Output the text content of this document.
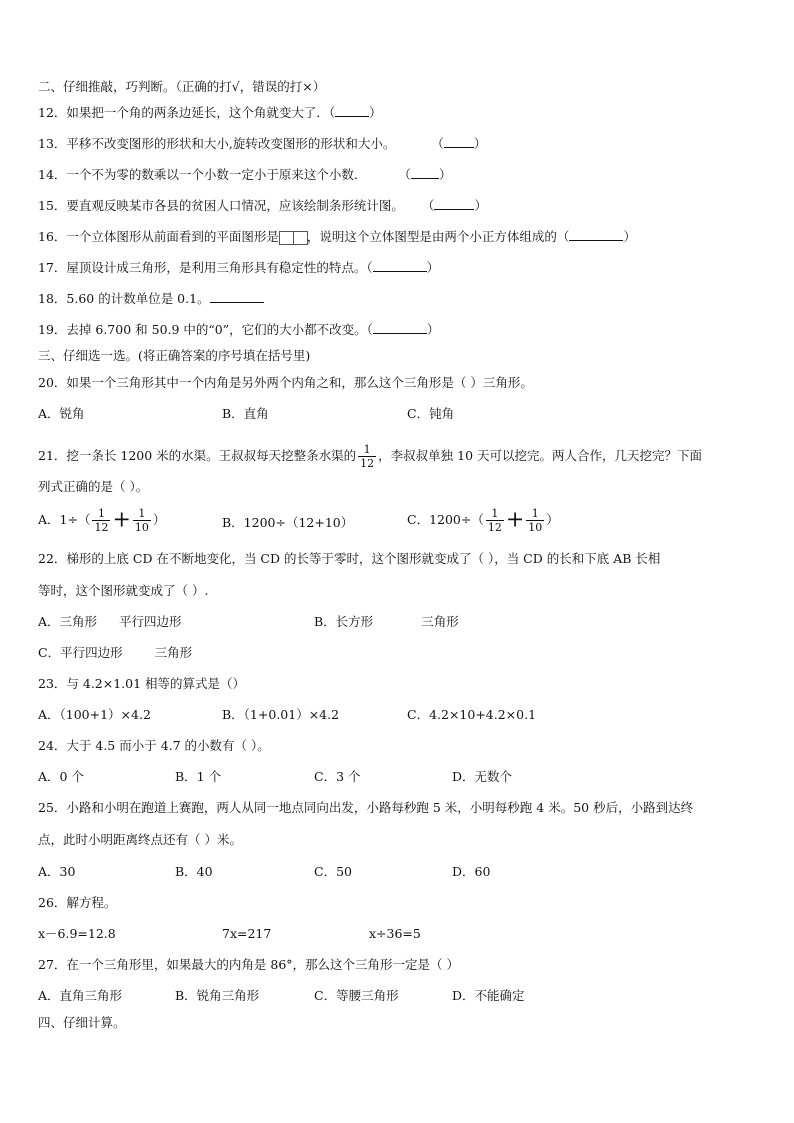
二、仔细推敲，巧判断。（正确的打√，错误的打×）
12．如果把一个角的两条边延长，这个角就变大了．（	）
13．平移不改变图形的形状和大小,旋转改变图形的形状和大小。	（ ）
14．一个不为零的数乘以一个小数一定小于原来这个小数．	（ ）
15．要直观反映某市各县的贫困人口情况，应该绘制条形统计图。 （	）
16．一个立体图形从前面看到的平面图形是 ，说明这个立体图型是由两个小正方体组成的（	）
17．屋顶设计成三角形，是利用三角形具有稳定性的特点。（	）
18．5.60 的计数单位是 0.1。
19．去掉 6.700 和 50.9 中的“0”，它们的大小都不改变。（	）
三、仔细选一选。(将正确答案的序号填在括号里)
20．如果一个三角形其中一个内角是另外两个内角之和，那么这个三角形是（ ）三角形。
A．锐角	B．直角	C．钝角
21．挖一条长 1200 米的水渠。王叔叔每天挖整条水渠的 $\frac{1}{12}$ ，李叔叔单独 10 天可以挖完。两人合作，几天挖完？下面
列式正确的是（ ）。
A．$1\div( \frac{1}{12} + \frac{1}{10}$ ）	B．1200÷（12+10）	C．$1200\div( \frac{1}{12} + \frac{1}{10}$ ）
22．梯形的上底 CD 在不断地变化，当 CD 的长等于零时，这个图形就变成了（ ），当 CD 的长和下底 AB 长相
等时，这个图形就变成了（ ）.
A．三角形 平行四边形	B．长方形	三角形
C．平行四边形	三角形
23．与 4.2×1.01 相等的算式是（）
A．（100+1）×4.2	B．（1+0.01）×4.2	C．4.2×10+4.2×0.1
24．大于 4.5 而小于 4.7 的小数有（ ）。
A．0 个	B．1 个	C．3 个	D．无数个
25．小路和小明在跑道上赛跑，两人从同一地点同向出发，小路每秒跑 5 米，小明每秒跑 4 米。50 秒后，小路到达终
点，此时小明距离终点还有（ ）米。
A．30	B．40	C．50	D．60
26．解方程。
x－6.9=12.8	7x=217	x÷36=5
27．在一个三角形里，如果最大的内角是 86°，那么这个三角形一定是（ ）
A．直角三角形	B．锐角三角形	C．等腰三角形	D．不能确定
四、仔细计算。
